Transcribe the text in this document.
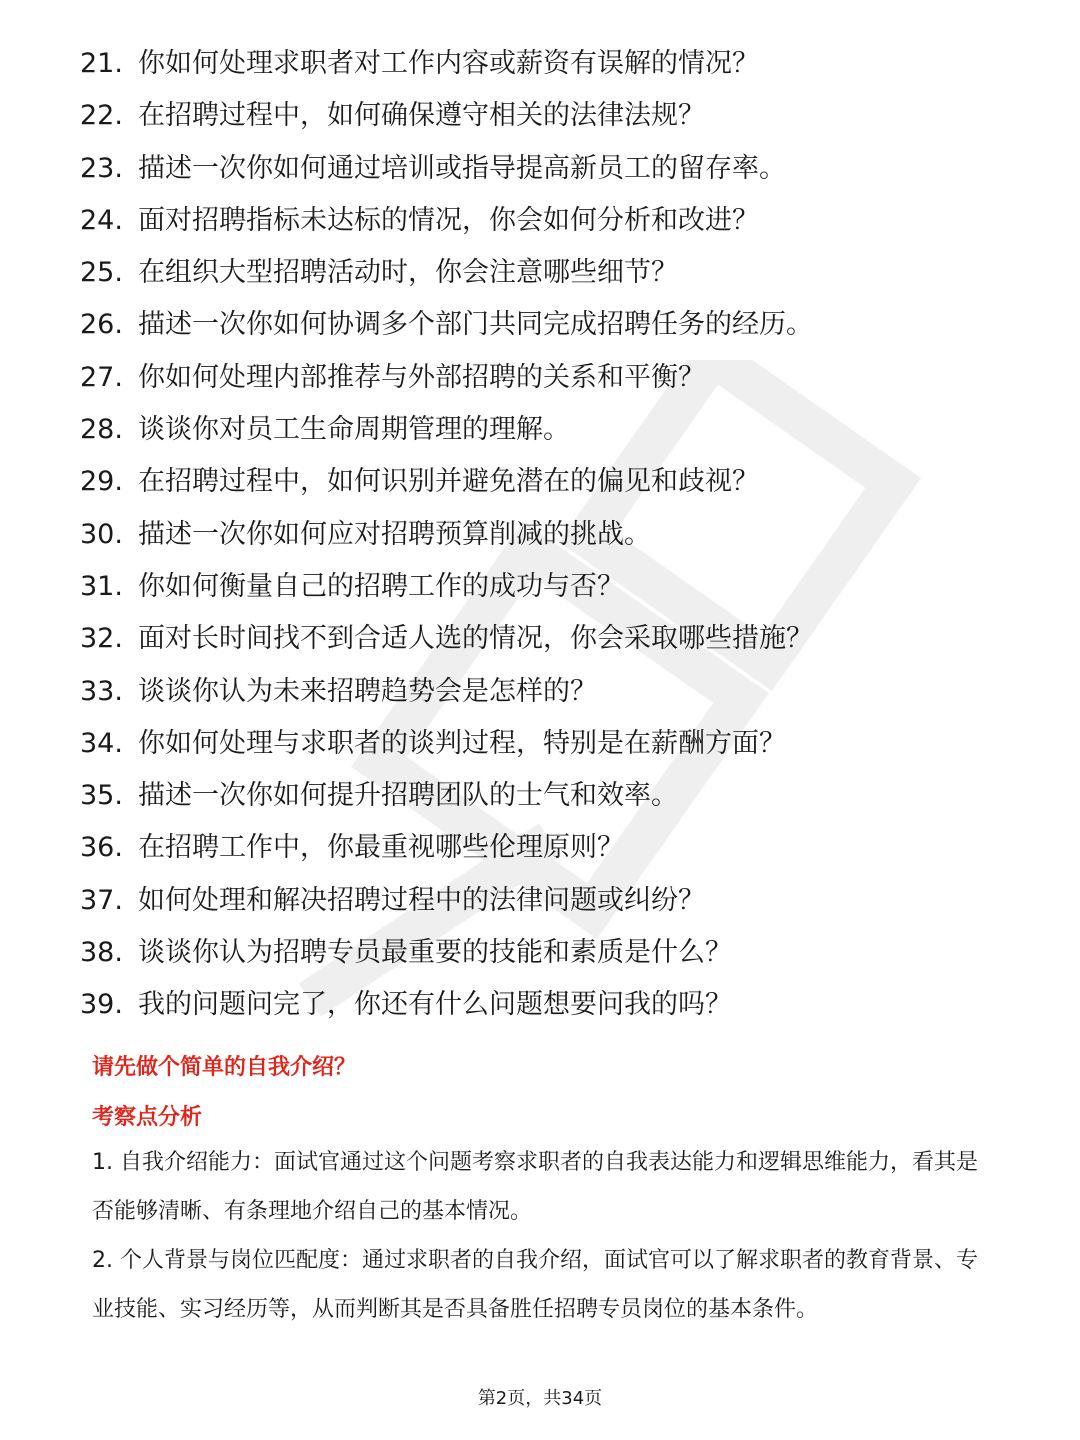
21. 你如何处理求职者对工作内容或薪资有误解的情况？
22. 在招聘过程中，如何确保遵守相关的法律法规？
23. 描述一次你如何通过培训或指导提高新员工的留存率。
24. 面对招聘指标未达标的情况，你会如何分析和改进？
25. 在组织大型招聘活动时，你会注意哪些细节？
26. 描述一次你如何协调多个部门共同完成招聘任务的经历。
27. 你如何处理内部推荐与外部招聘的关系和平衡？
28. 谈谈你对员工生命周期管理的理解。
29. 在招聘过程中，如何识别并避免潜在的偏见和歧视？
30. 描述一次你如何应对招聘预算削减的挑战。
31. 你如何衡量自己的招聘工作的成功与否？
32. 面对长时间找不到合适人选的情况，你会采取哪些措施？
33. 谈谈你认为未来招聘趋势会是怎样的？
34. 你如何处理与求职者的谈判过程，特别是在薪酬方面？
35. 描述一次你如何提升招聘团队的士气和效率。
36. 在招聘工作中，你最重视哪些伦理原则？
37. 如何处理和解决招聘过程中的法律问题或纠纷？
38. 谈谈你认为招聘专员最重要的技能和素质是什么？
39. 我的问题问完了，你还有什么问题想要问我的吗？
请先做个简单的自我介绍？
考察点分析

1. 自我介绍能力：面试官通过这个问题考察求职者的自我表达能力和逻辑思维能力，看其是否能够清晰、有条理地介绍自己的基本情况。

2. 个人背景与岗位匹配度：通过求职者的自我介绍，面试官可以了解求职者的教育背景、专业技能、实习经历等，从而判断其是否具备胜任招聘专员岗位的基本条件。

第2页，共34页
